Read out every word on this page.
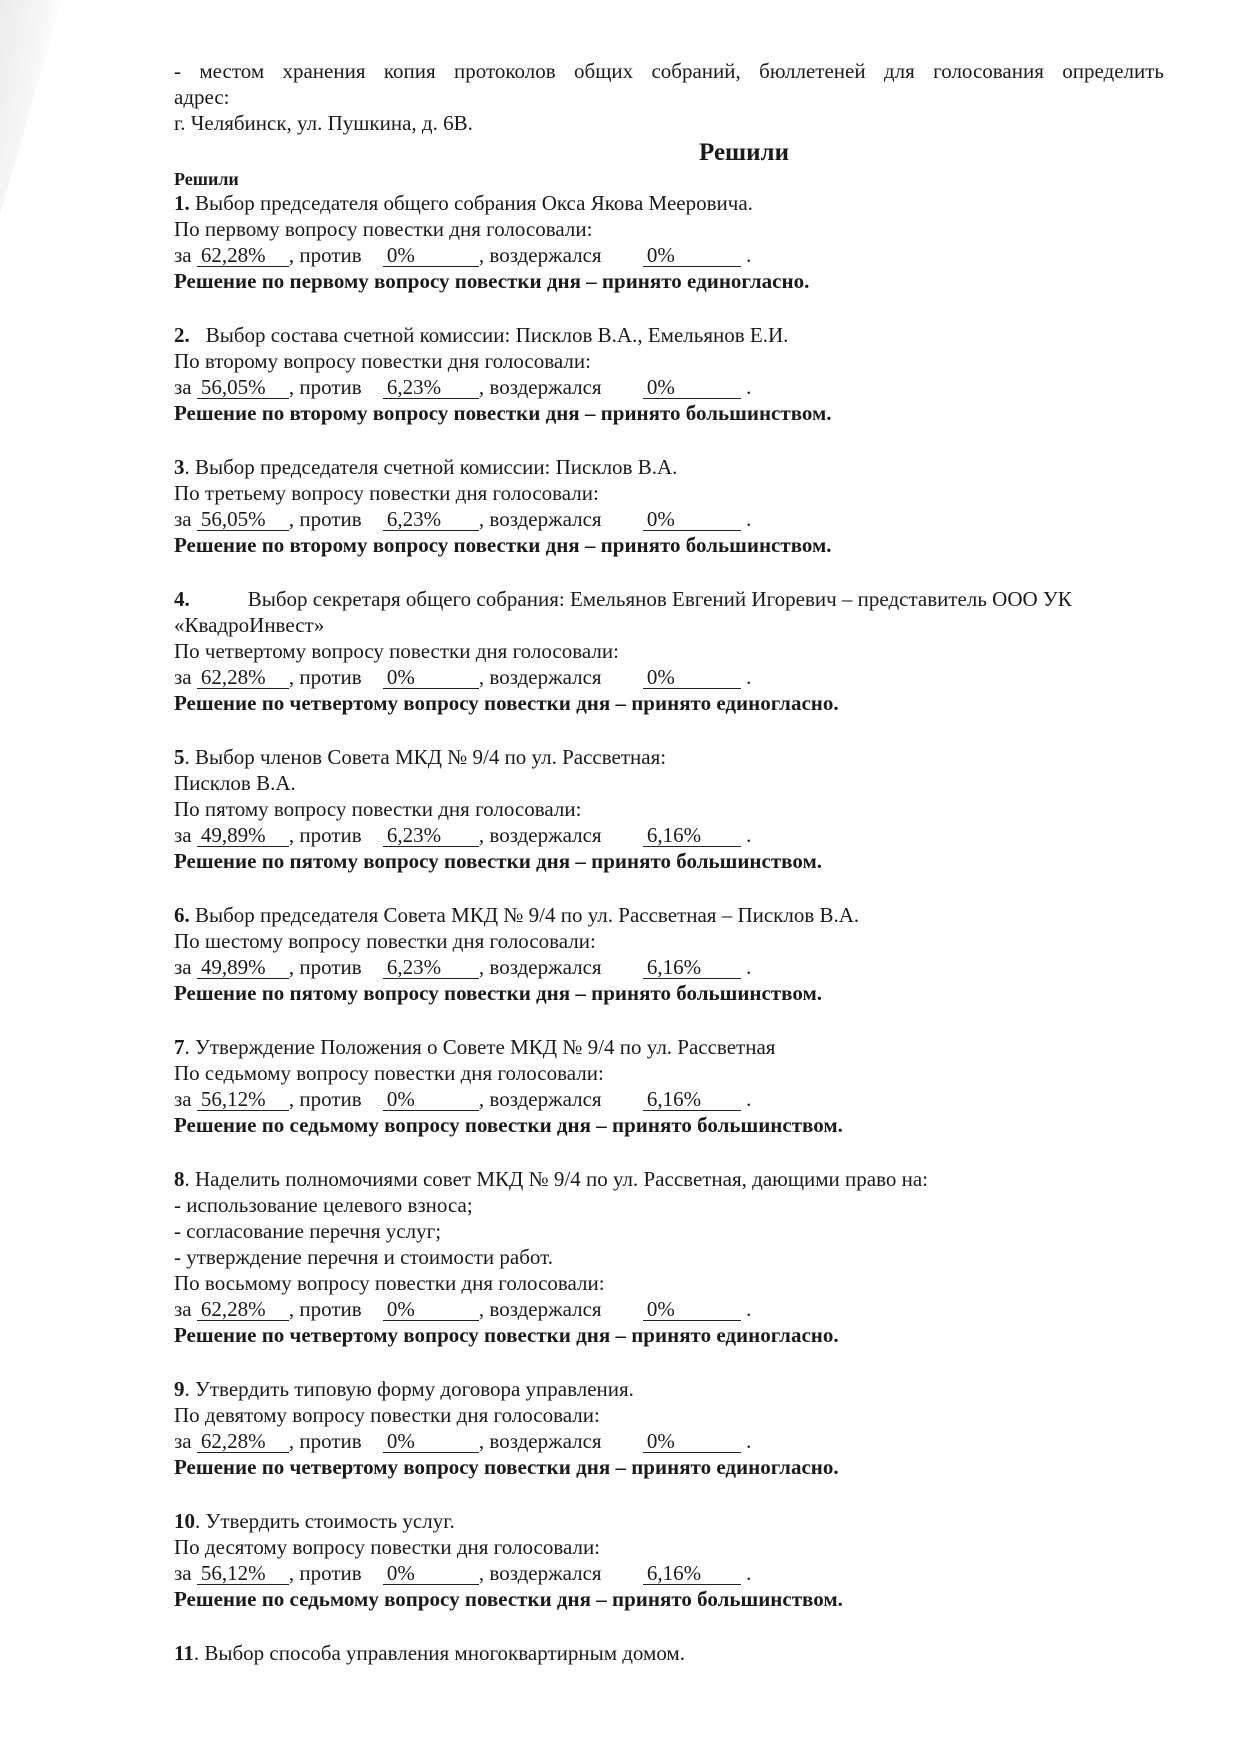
- местом хранения копия протоколов общих собраний, бюллетеней для голосования определить
адрес:
г. Челябинск, ул. Пушкина, д. 6В.
Решили
Решили
1. Выбор председателя общего собрания Окса Якова Мееровича.
По первому вопросу повестки дня голосовали:
за 62,28% , против 0%	, воздержался 0%	.
Решение по первому вопросу повестки дня – принято единогласно.
2. Выбор состава счетной комиссии: Писклов В.А., Емельянов Е.И.
По второму вопросу повестки дня голосовали:
за 56,05% , против 6,23% , воздержался 0%	.
Решение по второму вопросу повестки дня – принято большинством.
3. Выбор председателя счетной комиссии: Писклов В.А.
По третьему вопросу повестки дня голосовали:
за 56,05% , против 6,23% , воздержался 0%	.
Решение по второму вопросу повестки дня – принято большинством.
4.	Выбор секретаря общего собрания: Емельянов Евгений Игоревич – представитель ООО УК
«КвадроИнвест»
По четвертому вопросу повестки дня голосовали:
за 62,28% , против 0%	, воздержался 0%	.
Решение по четвертому вопросу повестки дня – принято единогласно.
5. Выбор членов Совета МКД № 9/4 по ул. Рассветная:
Писклов В.А.
По пятому вопросу повестки дня голосовали:
за 49,89% , против 6,23% , воздержался 6,16% .
Решение по пятому вопросу повестки дня – принято большинством.
6. Выбор председателя Совета МКД № 9/4 по ул. Рассветная – Писклов В.А.
По шестому вопросу повестки дня голосовали:
за 49,89% , против 6,23% , воздержался 6,16% .
Решение по пятому вопросу повестки дня – принято большинством.
7. Утверждение Положения о Совете МКД № 9/4 по ул. Рассветная
По седьмому вопросу повестки дня голосовали:
за 56,12% , против 0%	, воздержался 6,16% .
Решение по седьмому вопросу повестки дня – принято большинством.
8. Наделить полномочиями совет МКД № 9/4 по ул. Рассветная, дающими право на:
- использование целевого взноса;
- согласование перечня услуг;
- утверждение перечня и стоимости работ.
По восьмому вопросу повестки дня голосовали:
за 62,28% , против 0%	, воздержался 0%	.
Решение по четвертому вопросу повестки дня – принято единогласно.
9. Утвердить типовую форму договора управления.
По девятому вопросу повестки дня голосовали:
за 62,28% , против 0%	, воздержался 0%	.
Решение по четвертому вопросу повестки дня – принято единогласно.
10. Утвердить стоимость услуг.
По десятому вопросу повестки дня голосовали:
за 56,12% , против 0%	, воздержался 6,16% .
Решение по седьмому вопросу повестки дня – принято большинством.
11. Выбор способа управления многоквартирным домом.
